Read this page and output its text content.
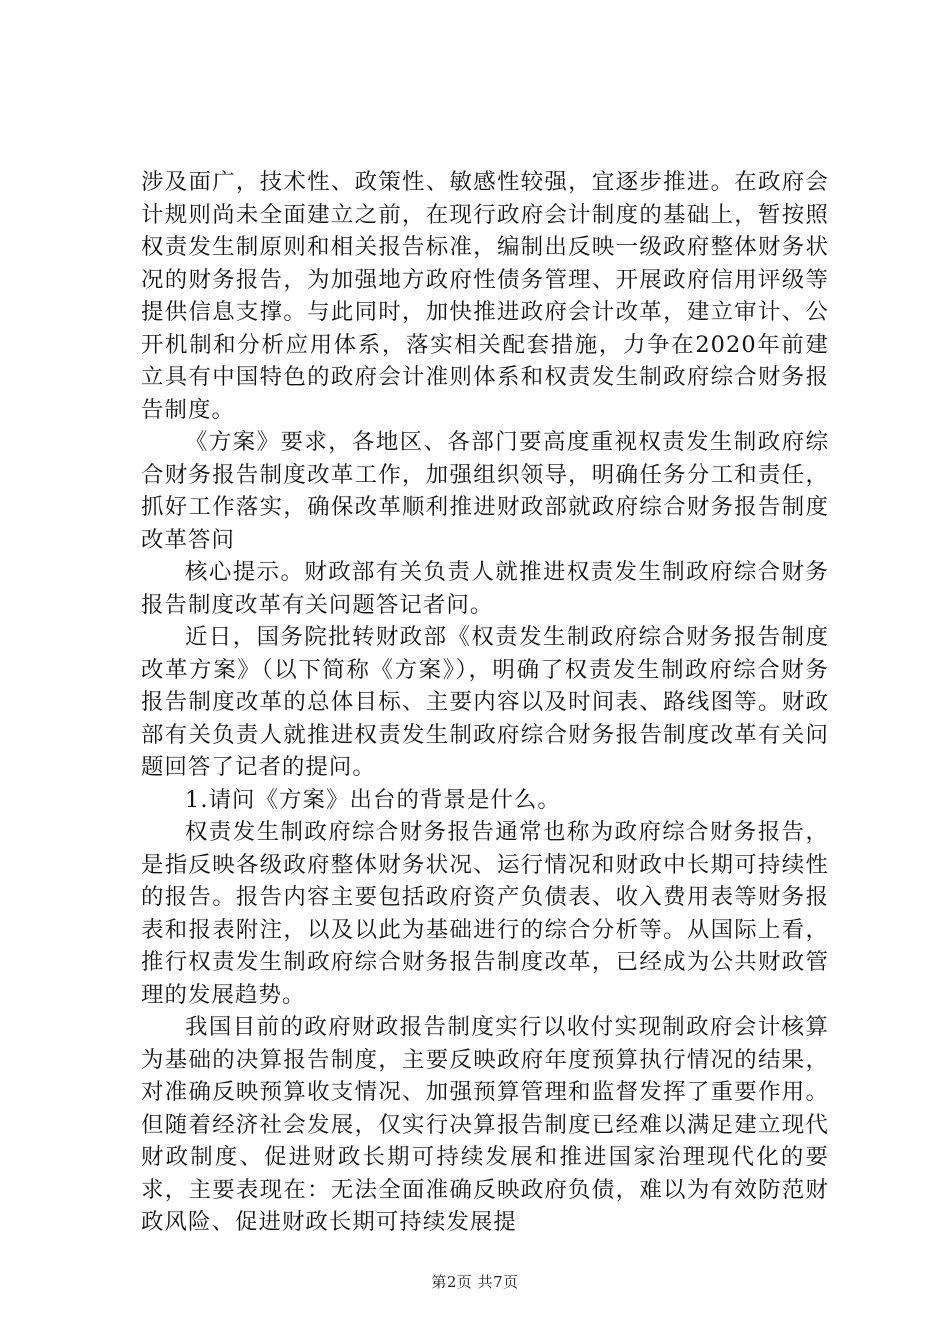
涉及面广，技术性、政策性、敏感性较强，宜逐步推进。在政府会计规则尚未全面建立之前，在现行政府会计制度的基础上，暂按照权责发生制原则和相关报告标准，编制出反映一级政府整体财务状况的财务报告，为加强地方政府性债务管理、开展政府信用评级等提供信息支撑。与此同时，加快推进政府会计改革，建立审计、公开机制和分析应用体系，落实相关配套措施，力争在2020年前建立具有中国特色的政府会计准则体系和权责发生制政府综合财务报告制度。

《方案》要求，各地区、各部门要高度重视权责发生制政府综合财务报告制度改革工作，加强组织领导，明确任务分工和责任，抓好工作落实，确保改革顺利推进财政部就政府综合财务报告制度改革答问

核心提示。财政部有关负责人就推进权责发生制政府综合财务报告制度改革有关问题答记者问。

近日，国务院批转财政部《权责发生制政府综合财务报告制度改革方案》（以下简称《方案》），明确了权责发生制政府综合财务报告制度改革的总体目标、主要内容以及时间表、路线图等。财政部有关负责人就推进权责发生制政府综合财务报告制度改革有关问题回答了记者的提问。

1.请问《方案》出台的背景是什么。

权责发生制政府综合财务报告通常也称为政府综合财务报告，是指反映各级政府整体财务状况、运行情况和财政中长期可持续性的报告。报告内容主要包括政府资产负债表、收入费用表等财务报表和报表附注，以及以此为基础进行的综合分析等。从国际上看，推行权责发生制政府综合财务报告制度改革，已经成为公共财政管理的发展趋势。

我国目前的政府财政报告制度实行以收付实现制政府会计核算为基础的决算报告制度，主要反映政府年度预算执行情况的结果，对准确反映预算收支情况、加强预算管理和监督发挥了重要作用。但随着经济社会发展，仅实行决算报告制度已经难以满足建立现代财政制度、促进财政长期可持续发展和推进国家治理现代化的要求，主要表现在：无法全面准确反映政府负债，难以为有效防范财政风险、促进财政长期可持续发展提

第2页 共7页
